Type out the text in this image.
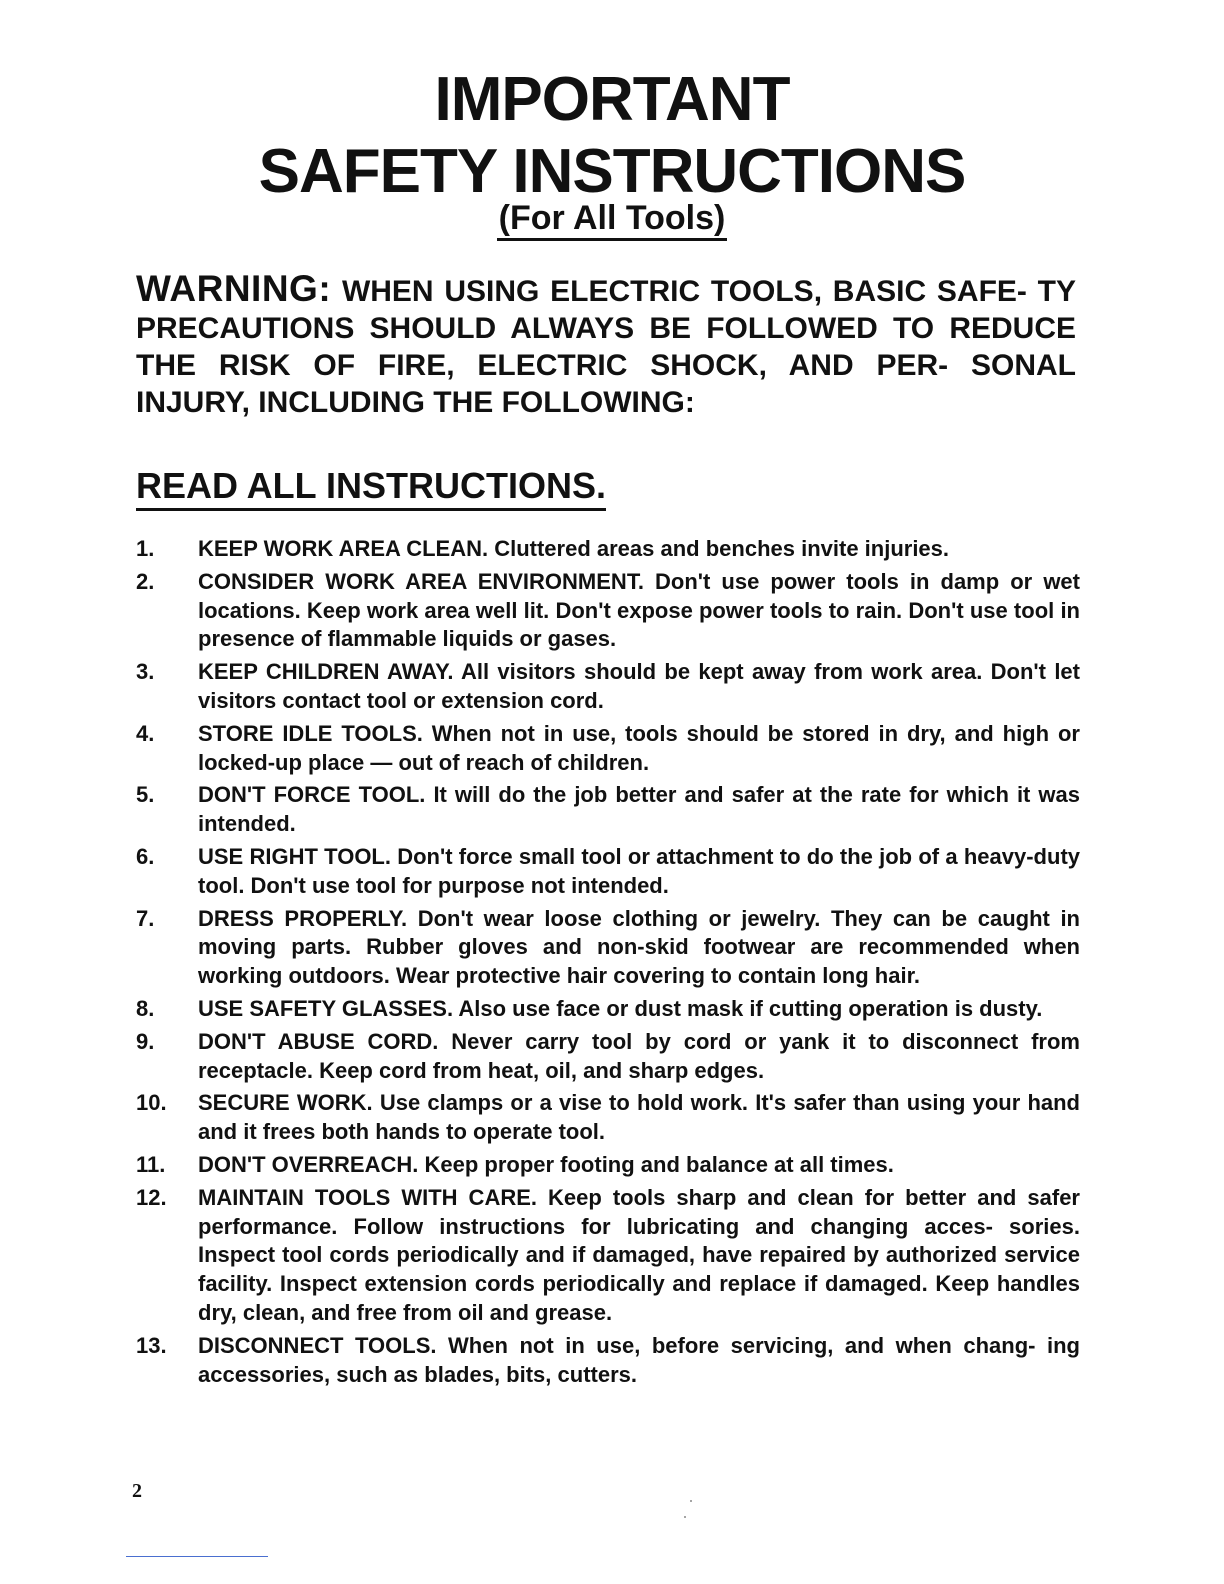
IMPORTANT
SAFETY INSTRUCTIONS
(For All Tools)
WARNING: WHEN USING ELECTRIC TOOLS, BASIC SAFE- TY PRECAUTIONS SHOULD ALWAYS BE FOLLOWED TO REDUCE THE RISK OF FIRE, ELECTRIC SHOCK, AND PER- SONAL INJURY, INCLUDING THE FOLLOWING:
READ ALL INSTRUCTIONS.
1.	KEEP WORK AREA CLEAN. Cluttered areas and benches invite injuries.
2.	CONSIDER WORK AREA ENVIRONMENT. Don't use power tools in damp or wet locations. Keep work area well lit. Don't expose power tools to rain. Don't use tool in presence of flammable liquids or gases.
3.	KEEP CHILDREN AWAY. All visitors should be kept away from work area. Don't let visitors contact tool or extension cord.
4.	STORE IDLE TOOLS. When not in use, tools should be stored in dry, and high or locked-up place — out of reach of children.
5.	DON'T FORCE TOOL. It will do the job better and safer at the rate for which it was intended.
6.	USE RIGHT TOOL. Don't force small tool or attachment to do the job of a heavy-duty tool. Don't use tool for purpose not intended.
7.	DRESS PROPERLY. Don't wear loose clothing or jewelry. They can be caught in moving parts. Rubber gloves and non-skid footwear are recommended when working outdoors. Wear protective hair covering to contain long hair.
8.	USE SAFETY GLASSES. Also use face or dust mask if cutting operation is dusty.
9.	DON'T ABUSE CORD. Never carry tool by cord or yank it to disconnect from receptacle. Keep cord from heat, oil, and sharp edges.
10.	SECURE WORK. Use clamps or a vise to hold work. It's safer than using your hand and it frees both hands to operate tool.
11.	DON'T OVERREACH. Keep proper footing and balance at all times.
12.	MAINTAIN TOOLS WITH CARE. Keep tools sharp and clean for better and safer performance. Follow instructions for lubricating and changing acces- sories. Inspect tool cords periodically and if damaged, have repaired by authorized service facility. Inspect extension cords periodically and replace if damaged. Keep handles dry, clean, and free from oil and grease.
13.	DISCONNECT TOOLS. When not in use, before servicing, and when chang- ing accessories, such as blades, bits, cutters.
2
